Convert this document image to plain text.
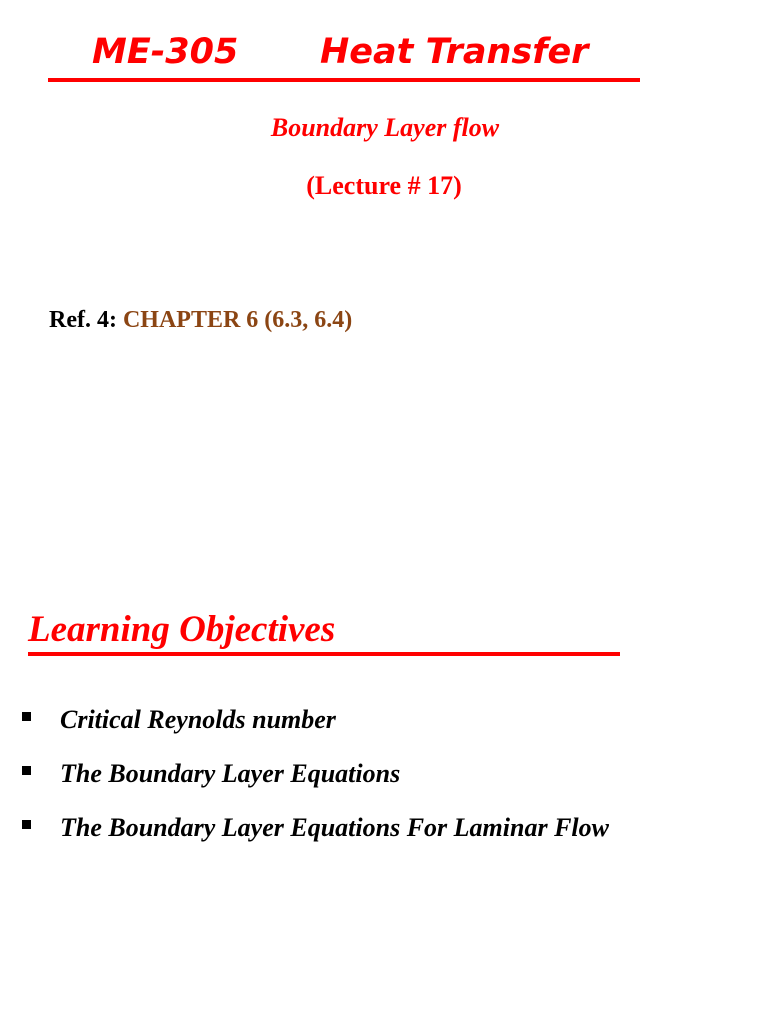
ME-305 Heat Transfer
Boundary Layer flow
(Lecture # 17)
Ref. 4: CHAPTER 6 (6.3, 6.4)
Learning Objectives
Critical Reynolds number
The Boundary Layer Equations
The Boundary Layer Equations For Laminar Flow
